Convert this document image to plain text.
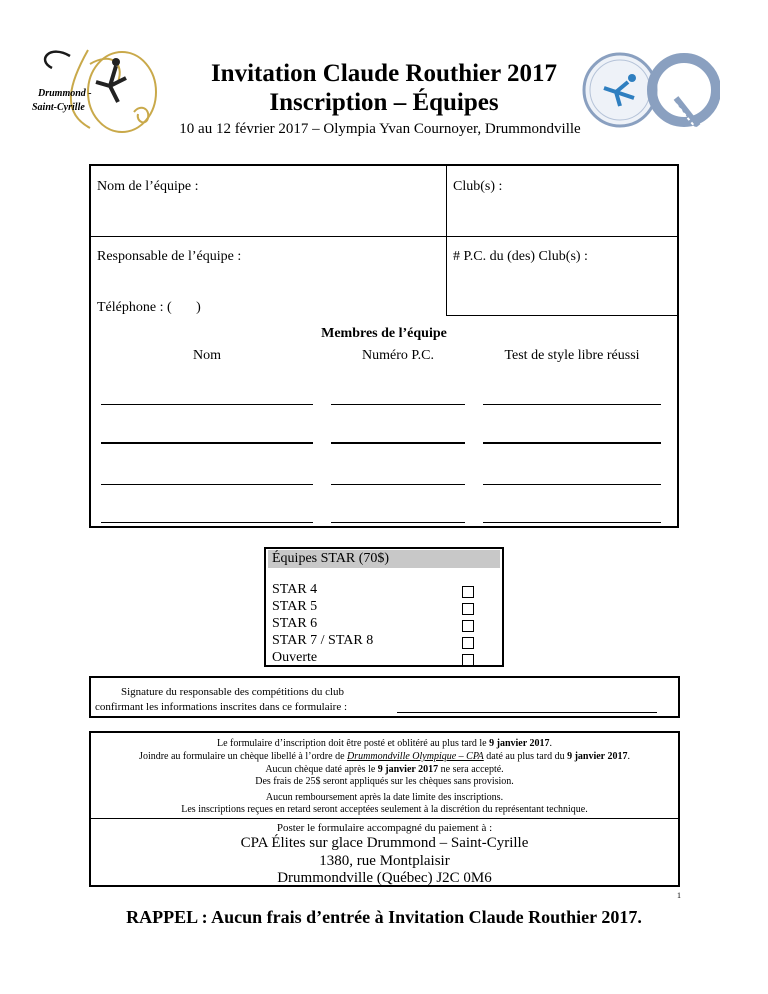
Drummond -
Saint-Cyrille
Invitation Claude Routhier 2017
Inscription – Équipes
10 au 12 février 2017 – Olympia Yvan Cournoyer, Drummondville
Nom de l’équipe :	Club(s) :
Responsable de l’équipe :	# P.C. du (des) Club(s) :
Téléphone : (       )
Membres de l’équipe
Nom	Numéro P.C.	Test de style libre réussi
Équipes STAR (70$)
STAR 4
STAR 5
STAR 6
STAR 7 / STAR 8
Ouverte
Signature du responsable des compétitions du club
confirmant les informations inscrites dans ce formulaire :
Le formulaire d’inscription doit être posté et oblitéré au plus tard le 9 janvier 2017.
Joindre au formulaire un chèque libellé à l’ordre de Drummondville Olympique – CPA daté au plus tard du 9 janvier 2017.
Aucun chèque daté après le 9 janvier 2017 ne sera accepté.
Des frais de 25$ seront appliqués sur les chèques sans provision.
Aucun remboursement après la date limite des inscriptions.
Les inscriptions reçues en retard seront acceptées seulement à la discrétion du représentant technique.
Poster le formulaire accompagné du paiement à :
CPA Élites sur glace Drummond – Saint-Cyrille
1380, rue Montplaisir
Drummondville (Québec) J2C 0M6
1
RAPPEL : Aucun frais d’entrée à Invitation Claude Routhier 2017.
